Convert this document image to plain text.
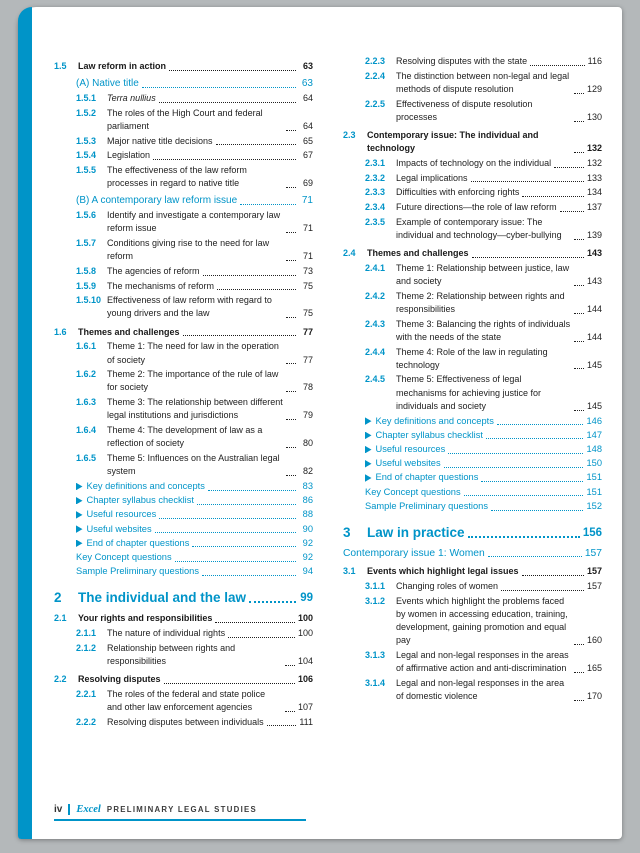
1.5	Law reform in action	63
(A) Native title	63
1.5.1	Terra nullius	64
1.5.2	The roles of the High Court and federal parliament	64
1.5.3	Major native title decisions	65
1.5.4	Legislation	67
1.5.5	The effectiveness of the law reform processes in regard to native title	69
(B) A contemporary law reform issue	71
1.5.6	Identify and investigate a contemporary law reform issue	71
1.5.7	Conditions giving rise to the need for law reform	71
1.5.8	The agencies of reform	73
1.5.9	The mechanisms of reform	75
1.5.10 Effectiveness of law reform with regard to young drivers and the law	75
1.6	Themes and challenges	77
1.6.1	Theme 1: The need for law in the operation of society	77
1.6.2	Theme 2: The importance of the rule of law for society	78
1.6.3	Theme 3: The relationship between different legal institutions and jurisdictions	79
1.6.4	Theme 4: The development of law as a reflection of society	80
1.6.5	Theme 5: Influences on the Australian legal system	82
Key definitions and concepts	83
Chapter syllabus checklist	86
Useful resources	88
Useful websites	90
End of chapter questions	92
Key Concept questions	92
Sample Preliminary questions	94
2	The individual and the law	99
2.1	Your rights and responsibilities	100
2.1.1	The nature of individual rights	100
2.1.2	Relationship between rights and responsibilities	104
2.2	Resolving disputes	106
2.2.1	The roles of the federal and state police and other law enforcement agencies	107
2.2.2	Resolving disputes between individuals	111
2.2.3	Resolving disputes with the state	116
2.2.4	The distinction between non-legal and legal methods of dispute resolution	129
2.2.5	Effectiveness of dispute resolution processes	130
2.3	Contemporary issue: The individual and technology	132
2.3.1	Impacts of technology on the individual	132
2.3.2	Legal implications	133
2.3.3	Difficulties with enforcing rights	134
2.3.4	Future directions—the role of law reform	137
2.3.5	Example of contemporary issue: The individual and technology—cyber-bullying	139
2.4	Themes and challenges	143
2.4.1	Theme 1: Relationship between justice, law and society	143
2.4.2	Theme 2: Relationship between rights and responsibilities	144
2.4.3	Theme 3: Balancing the rights of individuals with the needs of the state	144
2.4.4	Theme 4: Role of the law in regulating technology	145
2.4.5	Theme 5: Effectiveness of legal mechanisms for achieving justice for individuals and society	145
Key definitions and concepts	146
Chapter syllabus checklist	147
Useful resources	148
Useful websites	150
End of chapter questions	151
Key Concept questions	151
Sample Preliminary questions	152
3	Law in practice	156
Contemporary issue 1: Women	157
3.1	Events which highlight legal issues	157
3.1.1	Changing roles of women	157
3.1.2	Events which highlight the problems faced by women in accessing education, training, development, gaining promotion and equal pay	160
3.1.3	Legal and non-legal responses in the areas of affirmative action and anti-discrimination	165
3.1.4	Legal and non-legal responses in the area of domestic violence	170
iv Excel PRELIMINARY LEGAL STUDIES
